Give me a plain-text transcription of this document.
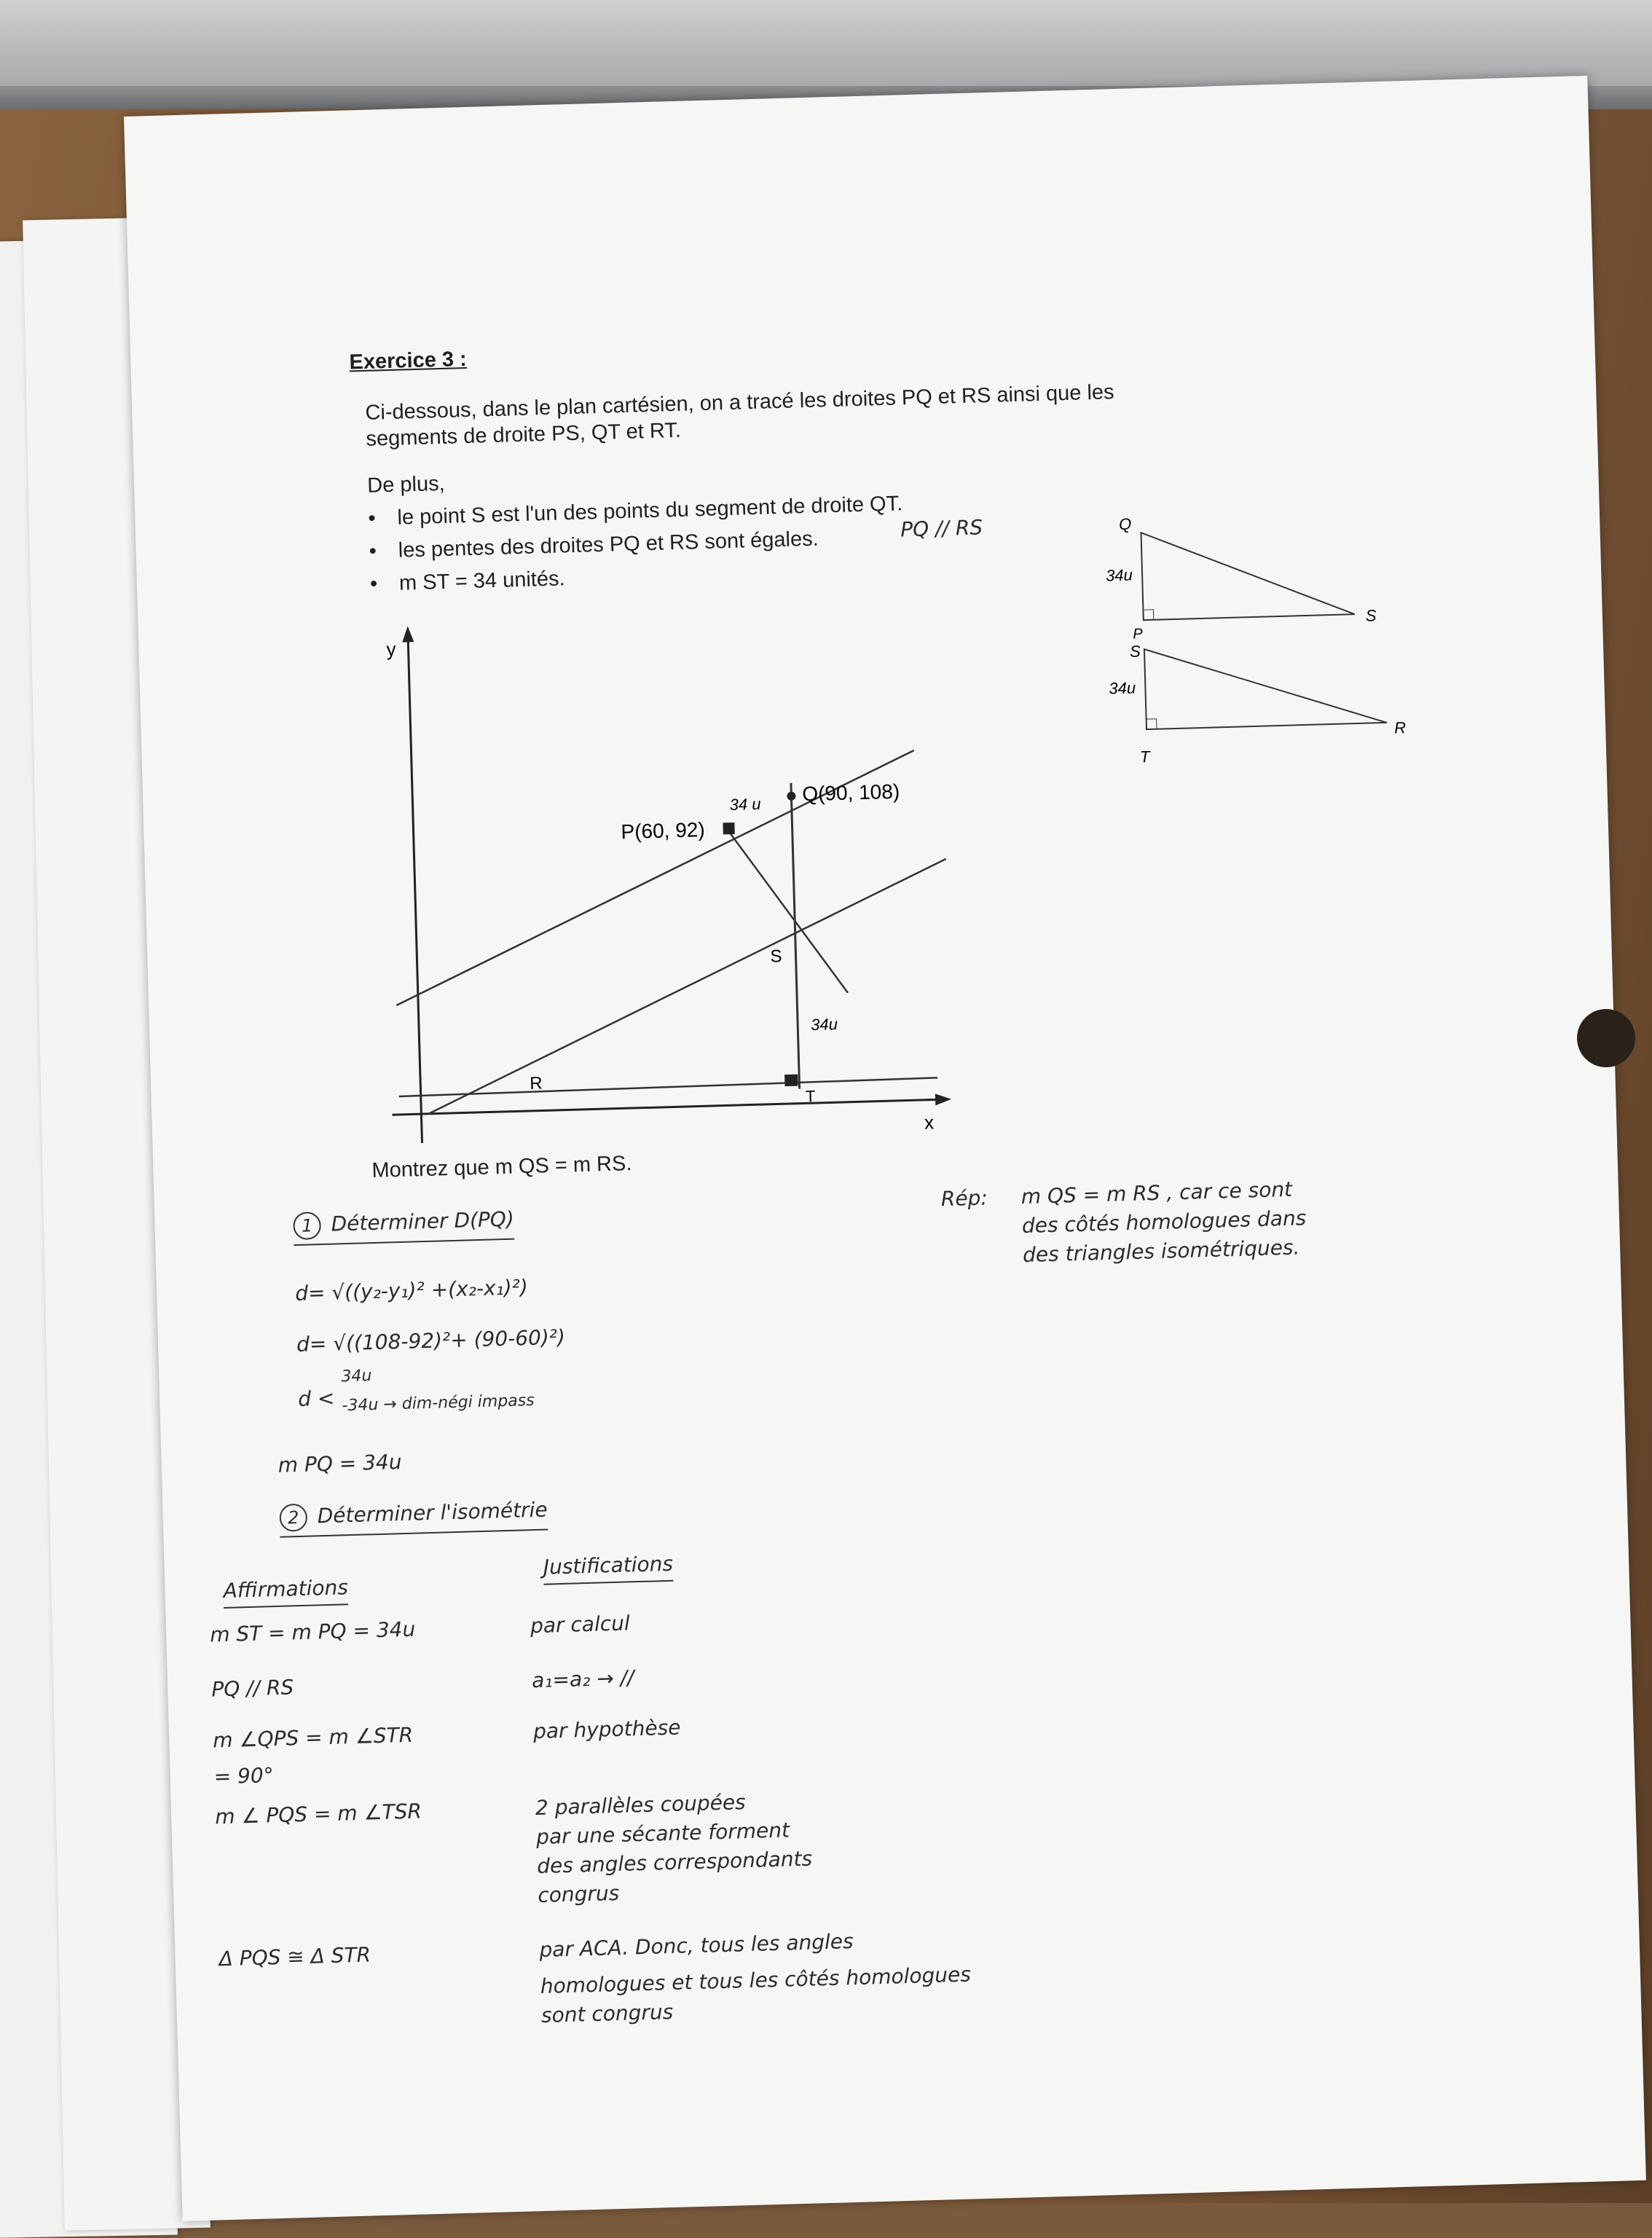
Exercice 3 :
Ci-dessous, dans le plan cartésien, on a tracé les droites PQ et RS ainsi que les
segments de droite PS, QT et RT.
De plus,
• le point S est l'un des points du segment de droite QT.
• les pentes des droites PQ et RS sont égales.	PQ // RS
• m ST = 34 unités.
y
x
P(60, 92)
Q(90, 108)
S
R
T
34 u
34u
Q
34u
P
S
S
34u
T
R
Montrez que m QS = m RS.
Rép: m QS = m RS , car ce sont
des côtés homologues dans
des triangles isométriques.
1 Déterminer D(PQ)
d= √((y₂-y₁)² +(x₂-x₁)²)
d= √((108-92)²+ (90-60)²)
d <
34u
-34u → dim-négi impass
m PQ = 34u
2 Déterminer l'isométrie
Affirmations
Justifications
m ST = m PQ = 34u	par calcul
PQ // RS	a₁=a₂ → //
m ∠QPS = m ∠STR	par hypothèse
= 90°
m ∠ PQS = m ∠TSR	2 parallèles coupées
par une sécante forment
des angles correspondants
congrus
Δ PQS ≅ Δ STR	par ACA. Donc, tous les angles
homologues et tous les côtés homologues
sont congrus
